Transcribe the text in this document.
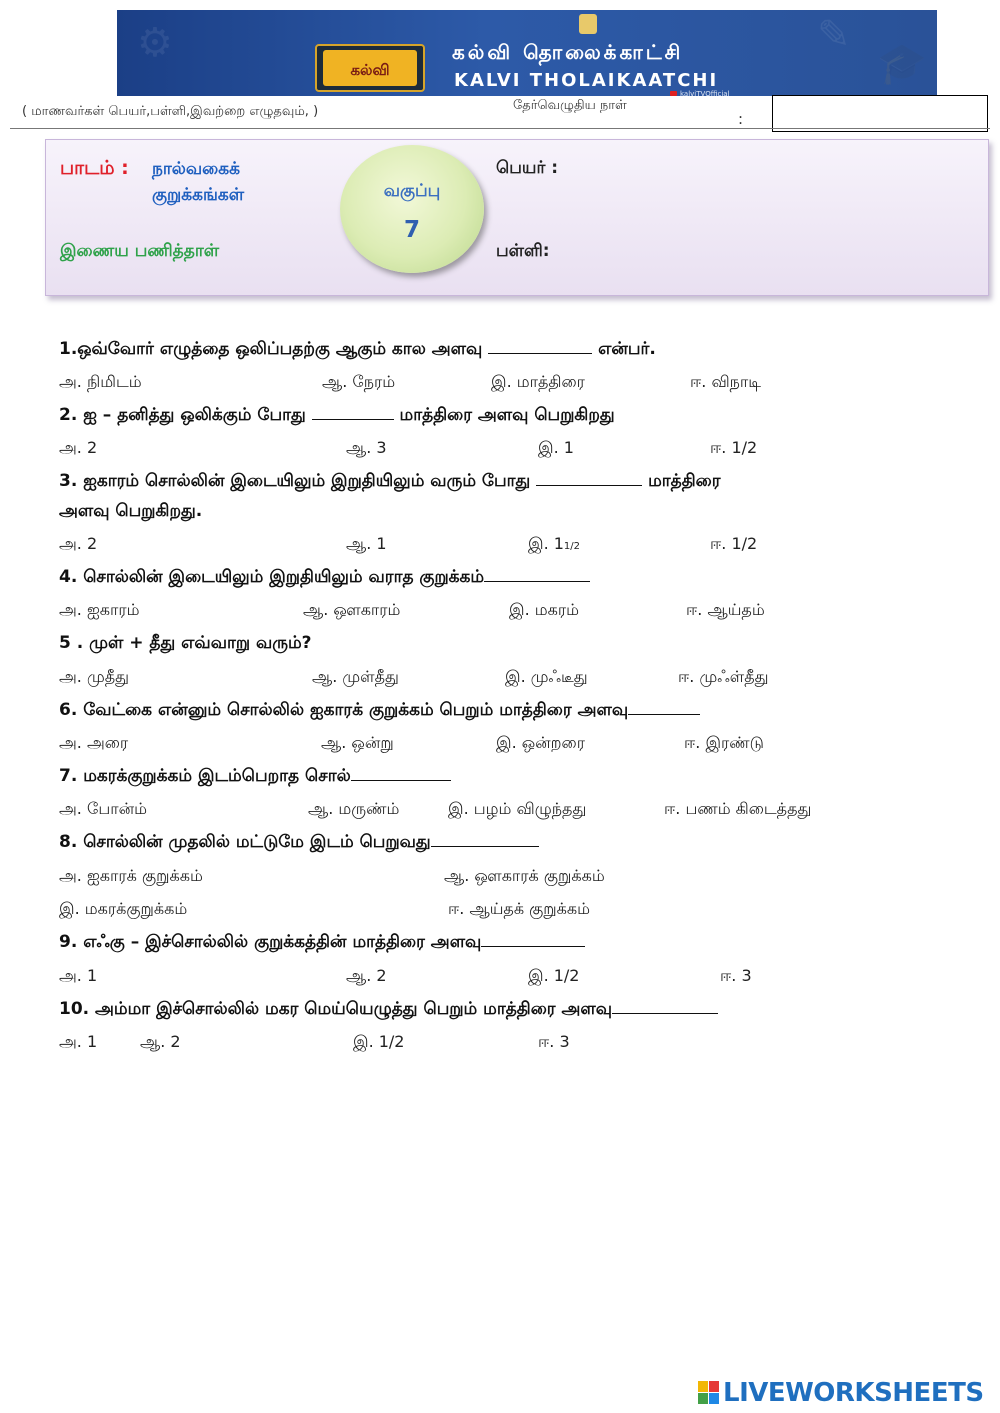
⚙	✎
🎓
கல்வி
கல்வி தொலைக்காட்சி
KALVI THOLAIKAATCHI
kalviTVOfficial
( மாணவர்கள் பெயர்,பள்ளி,இவற்றை எழுதவும், )	தேர்வெழுதிய நாள்
:
பாடம் : நால்வகைக்
குறுக்கங்கள்
இணைய பணித்தாள்
வகுப்பு
7
பெயர் :
பள்ளி:
1.ஒவ்வோர் எழுத்தை ஒலிப்பதற்கு ஆகும் கால அளவு	என்பர்.
அ. நிமிடம்	ஆ. நேரம்	இ. மாத்திரை	ஈ. விநாடி
2. ஐ – தனித்து ஒலிக்கும் போது	மாத்திரை அளவு பெறுகிறது
அ. 2	ஆ. 3	இ. 1	ஈ. 1/2
3. ஐகாரம் சொல்லின் இடையிலும் இறுதியிலும் வரும் போது	மாத்திரை
அளவு பெறுகிறது.
அ. 2	ஆ. 1	இ. 11/2	ஈ. 1/2
4. சொல்லின் இடையிலும் இறுதியிலும் வராத குறுக்கம்
அ. ஐகாரம்	ஆ. ஔகாரம்	இ. மகரம்	ஈ. ஆய்தம்
5 . முள் + தீது எவ்வாறு வரும்?
அ. முதீது	ஆ. முள்தீது	இ. முஃடீது	ஈ. முஃள்தீது
6. வேட்கை என்னும் சொல்லில் ஐகாரக் குறுக்கம் பெறும் மாத்திரை அளவு
அ. அரை	ஆ. ஒன்று	இ. ஒன்றரை	ஈ. இரண்டு
7. மகரக்குறுக்கம் இடம்பெறாத சொல்
அ. போன்ம்	ஆ. மருண்ம்	இ. பழம் விழுந்தது	ஈ. பணம் கிடைத்தது
8. சொல்லின் முதலில் மட்டுமே இடம் பெறுவது
அ. ஐகாரக் குறுக்கம்	ஆ. ஔகாரக் குறுக்கம்
இ. மகரக்குறுக்கம்	ஈ. ஆய்தக் குறுக்கம்
9. எஃகு – இச்சொல்லில் குறுக்கத்தின் மாத்திரை அளவு
அ. 1	ஆ. 2	இ. 1/2	ஈ. 3
10. அம்மா இச்சொல்லில் மகர மெய்யெழுத்து பெறும் மாத்திரை அளவு
அ. 1	ஆ. 2	இ. 1/2	ஈ. 3
LIVEWORKSHEETS
